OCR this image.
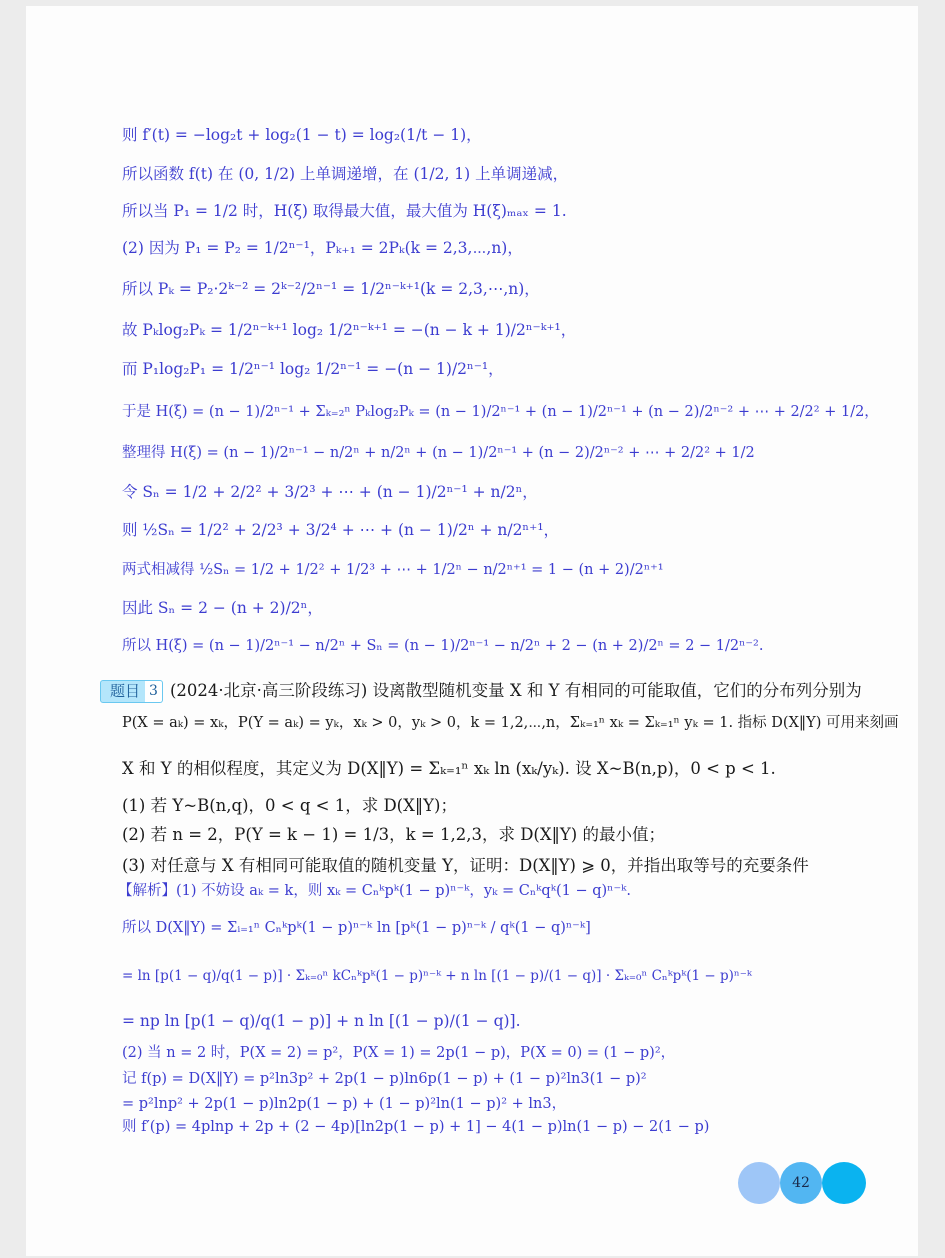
则 f′(t) = −log₂t + log₂(1 − t) = log₂(1/t − 1)，
所以函数 f(t) 在 (0, 1/2) 上单调递增，在 (1/2, 1) 上单调递减，
所以当 P₁ = 1/2 时，H(ξ) 取得最大值，最大值为 H(ξ)ₘₐₓ = 1.
(2) 因为 P₁ = P₂ = 1/2ⁿ⁻¹，Pₖ₊₁ = 2Pₖ(k = 2,3,⋯,n)，
所以 Pₖ = P₂·2ᵏ⁻² = 2ᵏ⁻²/2ⁿ⁻¹ = 1/2ⁿ⁻ᵏ⁺¹(k = 2,3,⋯,n)，
故 Pₖlog₂Pₖ = 1/2ⁿ⁻ᵏ⁺¹ log₂ 1/2ⁿ⁻ᵏ⁺¹ = −(n − k + 1)/2ⁿ⁻ᵏ⁺¹，
而 P₁log₂P₁ = 1/2ⁿ⁻¹ log₂ 1/2ⁿ⁻¹ = −(n − 1)/2ⁿ⁻¹，
于是 H(ξ) = (n − 1)/2ⁿ⁻¹ + Σₖ₌₂ⁿ Pₖlog₂Pₖ = (n − 1)/2ⁿ⁻¹ + (n − 1)/2ⁿ⁻¹ + (n − 2)/2ⁿ⁻² + ⋯ + 2/2² + 1/2，
整理得 H(ξ) = (n − 1)/2ⁿ⁻¹ − n/2ⁿ + n/2ⁿ + (n − 1)/2ⁿ⁻¹ + (n − 2)/2ⁿ⁻² + ⋯ + 2/2² + 1/2
令 Sₙ = 1/2 + 2/2² + 3/2³ + ⋯ + (n − 1)/2ⁿ⁻¹ + n/2ⁿ，
则 ½Sₙ = 1/2² + 2/2³ + 3/2⁴ + ⋯ + (n − 1)/2ⁿ + n/2ⁿ⁺¹，
两式相减得 ½Sₙ = 1/2 + 1/2² + 1/2³ + ⋯ + 1/2ⁿ − n/2ⁿ⁺¹ = 1 − (n + 2)/2ⁿ⁺¹
因此 Sₙ = 2 − (n + 2)/2ⁿ，
所以 H(ξ) = (n − 1)/2ⁿ⁻¹ − n/2ⁿ + Sₙ = (n − 1)/2ⁿ⁻¹ − n/2ⁿ + 2 − (n + 2)/2ⁿ = 2 − 1/2ⁿ⁻².
题目 3 (2024·北京·高三阶段练习) 设离散型随机变量 X 和 Y 有相同的可能取值，它们的分布列分别为
P(X = aₖ) = xₖ，P(Y = aₖ) = yₖ，xₖ > 0，yₖ > 0，k = 1,2,⋯,n，Σₖ₌₁ⁿ xₖ = Σₖ₌₁ⁿ yₖ = 1. 指标 D(X‖Y) 可用来刻画
X 和 Y 的相似程度，其定义为 D(X‖Y) = Σₖ₌₁ⁿ xₖ ln (xₖ/yₖ). 设 X~B(n,p)，0 < p < 1.
(1) 若 Y~B(n,q)，0 < q < 1，求 D(X‖Y)；
(2) 若 n = 2，P(Y = k − 1) = 1/3，k = 1,2,3，求 D(X‖Y) 的最小值；
(3) 对任意与 X 有相同可能取值的随机变量 Y，证明：D(X‖Y) ⩾ 0，并指出取等号的充要条件
【解析】(1) 不妨设 aₖ = k，则 xₖ = Cₙᵏpᵏ(1 − p)ⁿ⁻ᵏ，yₖ = Cₙᵏqᵏ(1 − q)ⁿ⁻ᵏ.
所以 D(X‖Y) = Σᵢ₌₁ⁿ Cₙᵏpᵏ(1 − p)ⁿ⁻ᵏ ln [pᵏ(1 − p)ⁿ⁻ᵏ / qᵏ(1 − q)ⁿ⁻ᵏ]
= ln [p(1 − q)/q(1 − p)] · Σₖ₌₀ⁿ kCₙᵏpᵏ(1 − p)ⁿ⁻ᵏ + n ln [(1 − p)/(1 − q)] · Σₖ₌₀ⁿ Cₙᵏpᵏ(1 − p)ⁿ⁻ᵏ
= np ln [p(1 − q)/q(1 − p)] + n ln [(1 − p)/(1 − q)].
(2) 当 n = 2 时，P(X = 2) = p²，P(X = 1) = 2p(1 − p)，P(X = 0) = (1 − p)²，
记 f(p) = D(X‖Y) = p²ln3p² + 2p(1 − p)ln6p(1 − p) + (1 − p)²ln3(1 − p)²
= p²lnp² + 2p(1 − p)ln2p(1 − p) + (1 − p)²ln(1 − p)² + ln3，
则 f′(p) = 4plnp + 2p + (2 − 4p)[ln2p(1 − p) + 1] − 4(1 − p)ln(1 − p) − 2(1 − p)
42
